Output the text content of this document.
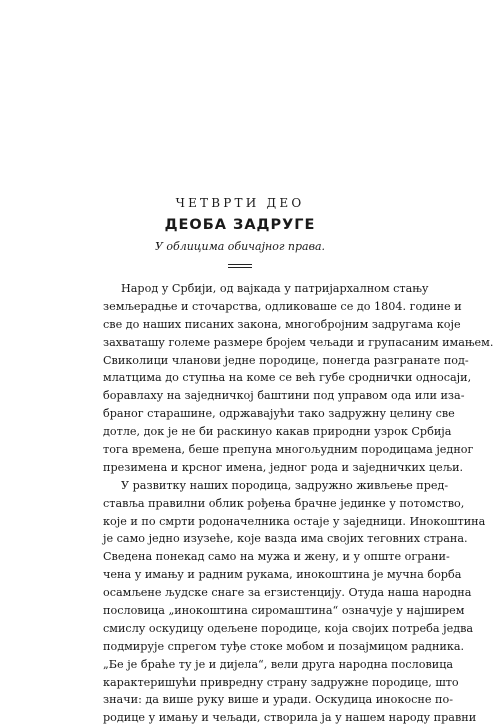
ЧЕТВРТИ ДЕО
ДЕОБА ЗАДРУГЕ
У облицима обичајног права.
Народ у Србији, од вајкада у патријархалном стању
земљерадње и сточарства, одликоваше се до 1804. године и
све до наших писаних закона, многобројним задругама које
захваташу големе размере бројем чељади и групасаним имањем.
Свиколици чланови једне породице, понегда разгранате под-
млатцима до ступња на коме се већ губе сроднички односаји,
боравлаху на заједничкој баштини под управом ода или иза-
браног старашине, одржавајући тако задружну целину све
дотле, док је не би раскинуо какав природни узрок Србија
тога времена, беше препуна многољудним породицама једног
презимена и крсног имена, једног рода и заједничких цељи.
У развитку наших породица, задружно живљење пред-
ставља правилни облик рођења брачне јединке у потомство,
које и по смрти родоначелника остаје у заједници. Инокоштина
је само једно изузеће, које вазда има својих теговних страна.
Сведена понекад само на мужа и жену, и у опште ограни-
чена у имању и радним рукама, инокоштина је мучна борба
осамљене људске снаге за егзистенцију. Отуда наша народна
пословица „инокоштина сиромаштина“ означује у најширем
смислу оскудицу одељене породице, која својих потреба једва
подмирује спрегом туђе стоке мобом и позајмицом радника.
„Бе је браће ту је и дијела“, вели друга народна пословица
карактеришући привредну страну задружне породице, што
значи: да више руку више и уради. Оскудица инокосне по-
родице у имању и чељади, створила ја у нашем народу правни
